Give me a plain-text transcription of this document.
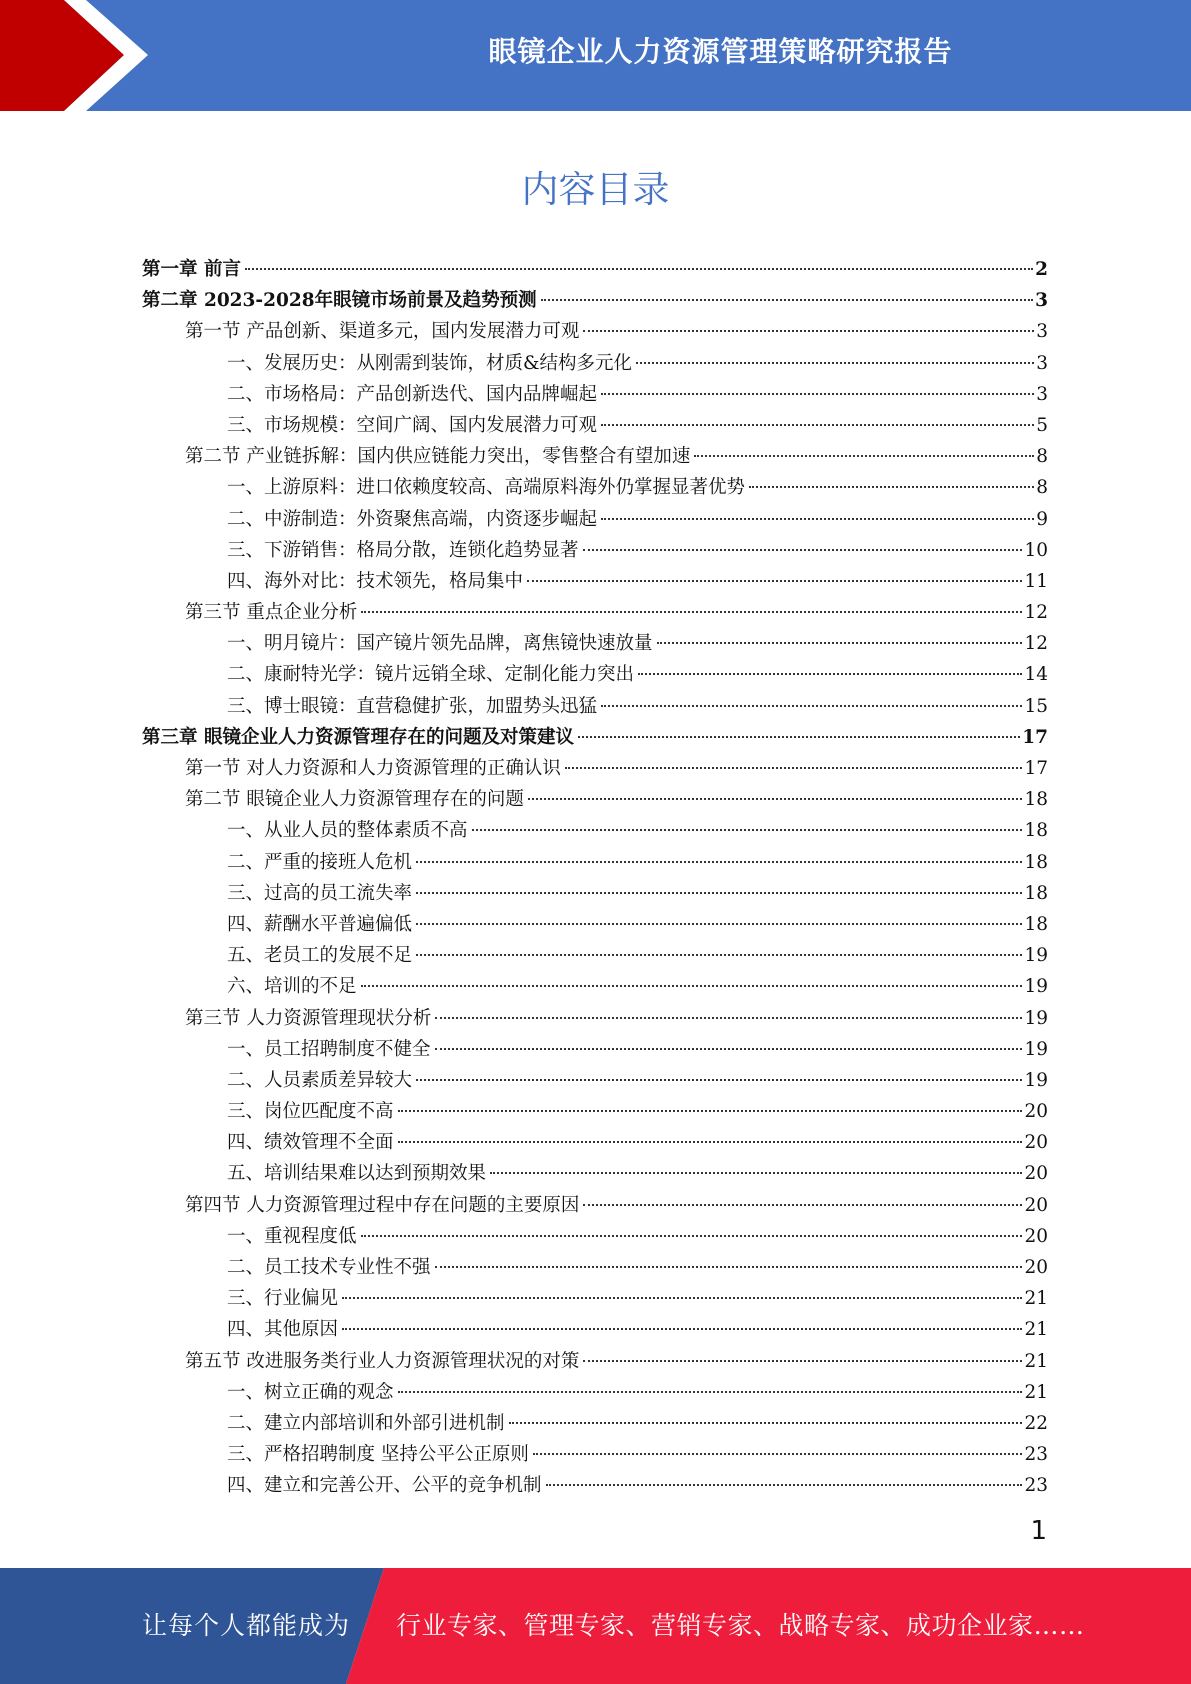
眼镜企业人力资源管理策略研究报告
内容目录
第一章 前言	2
第二章 2023-2028年眼镜市场前景及趋势预测	3
第一节 产品创新、渠道多元，国内发展潜力可观	3
一、发展历史：从刚需到装饰，材质&结构多元化	3
二、市场格局：产品创新迭代、国内品牌崛起	3
三、市场规模：空间广阔、国内发展潜力可观	5
第二节 产业链拆解：国内供应链能力突出，零售整合有望加速	8
一、上游原料：进口依赖度较高、高端原料海外仍掌握显著优势	8
二、中游制造：外资聚焦高端，内资逐步崛起	9
三、下游销售：格局分散，连锁化趋势显著	10
四、海外对比：技术领先，格局集中	11
第三节 重点企业分析	12
一、明月镜片：国产镜片领先品牌，离焦镜快速放量	12
二、康耐特光学：镜片远销全球、定制化能力突出	14
三、博士眼镜：直营稳健扩张，加盟势头迅猛	15
第三章 眼镜企业人力资源管理存在的问题及对策建议	17
第一节 对人力资源和人力资源管理的正确认识	17
第二节 眼镜企业人力资源管理存在的问题	18
一、从业人员的整体素质不高	18
二、严重的接班人危机	18
三、过高的员工流失率	18
四、薪酬水平普遍偏低	18
五、老员工的发展不足	19
六、培训的不足	19
第三节 人力资源管理现状分析	19
一、员工招聘制度不健全	19
二、人员素质差异较大	19
三、岗位匹配度不高	20
四、绩效管理不全面	20
五、培训结果难以达到预期效果	20
第四节 人力资源管理过程中存在问题的主要原因	20
一、重视程度低	20
二、员工技术专业性不强	20
三、行业偏见	21
四、其他原因	21
第五节 改进服务类行业人力资源管理状况的对策	21
一、树立正确的观念	21
二、建立内部培训和外部引进机制	22
三、严格招聘制度 坚持公平公正原则	23
四、建立和完善公开、公平的竞争机制	23
1
让每个人都能成为 行业专家、管理专家、营销专家、战略专家、成功企业家……
